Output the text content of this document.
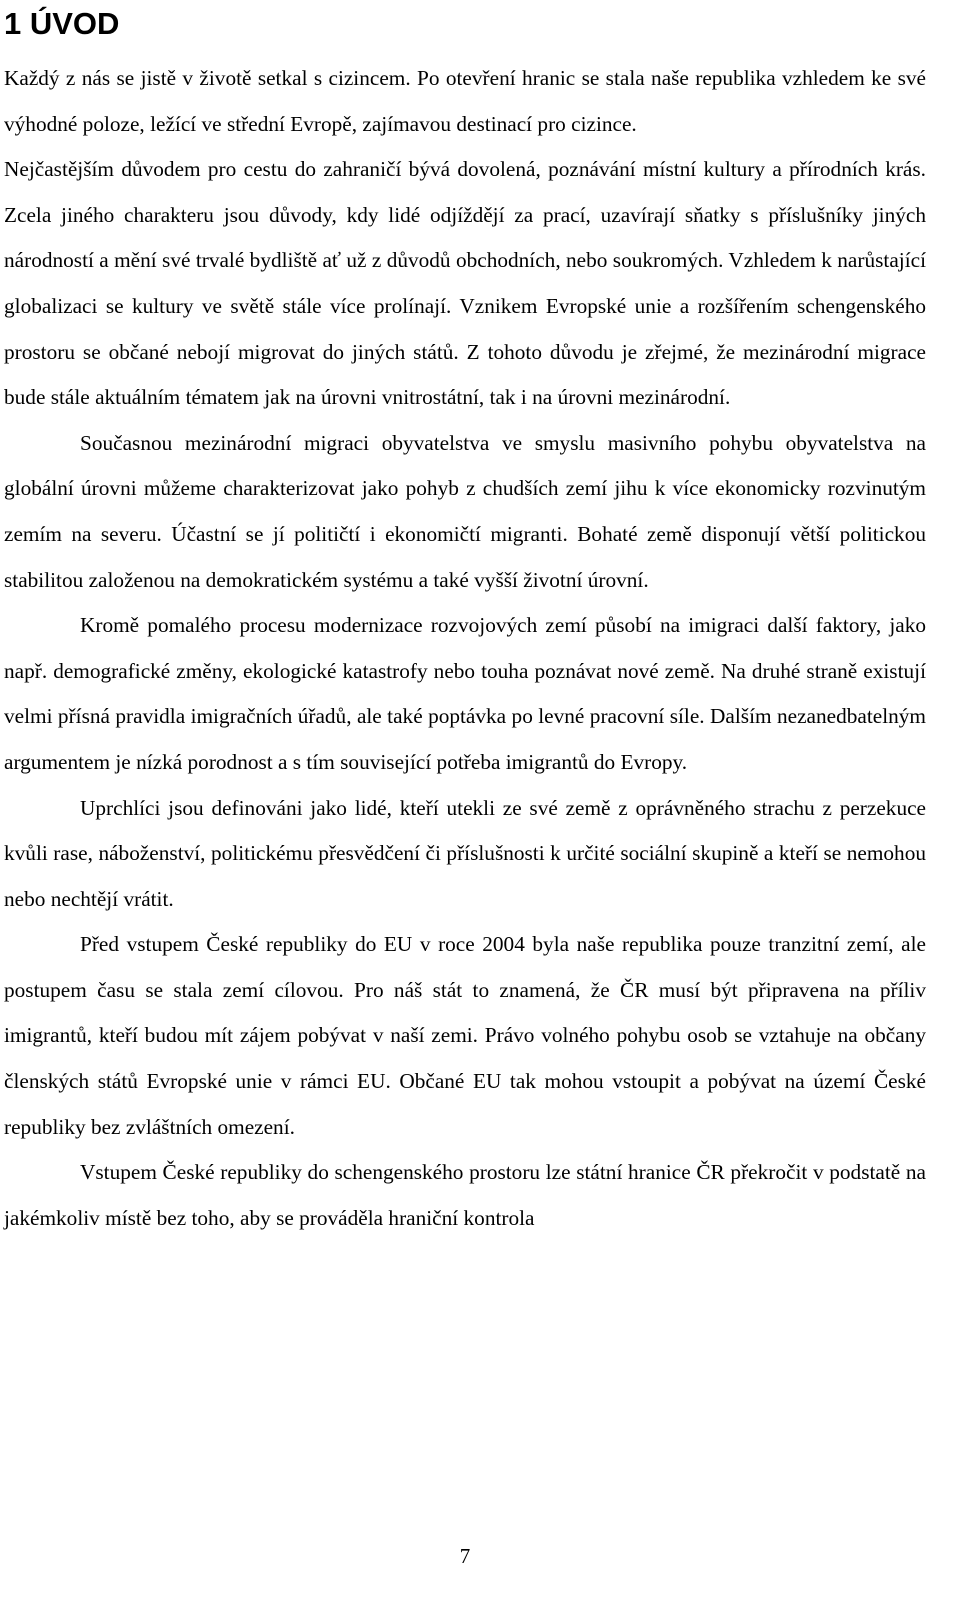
1 ÚVOD

Každý z nás se jistě v životě setkal s cizincem. Po otevření hranic se stala naše republika vzhledem ke své výhodné poloze, ležící ve střední Evropě, zajímavou destinací pro cizince.

Nejčastějším důvodem pro cestu do zahraničí bývá dovolená, poznávání místní kultury a přírodních krás. Zcela jiného charakteru jsou důvody, kdy lidé odjíždějí za prací, uzavírají sňatky s příslušníky jiných národností a mění své trvalé bydliště ať už z důvodů obchodních, nebo soukromých. Vzhledem k narůstající globalizaci se kultury ve světě stále více prolínají. Vznikem Evropské unie a rozšířením schengenského prostoru se občané nebojí migrovat do jiných států. Z tohoto důvodu je zřejmé, že mezinárodní migrace bude stále aktuálním tématem jak na úrovni vnitrostátní, tak i na úrovni mezinárodní.

Současnou mezinárodní migraci obyvatelstva ve smyslu masivního pohybu obyvatelstva na globální úrovni můžeme charakterizovat jako pohyb z chudších zemí jihu k více ekonomicky rozvinutým zemím na severu. Účastní se jí političtí i ekonomičtí migranti. Bohaté země disponují větší politickou stabilitou založenou na demokratickém systému a také vyšší životní úrovní.

Kromě pomalého procesu modernizace rozvojových zemí působí na imigraci další faktory, jako např. demografické změny, ekologické katastrofy nebo touha poznávat nové země. Na druhé straně existují velmi přísná pravidla imigračních úřadů, ale také poptávka po levné pracovní síle. Dalším nezanedbatelným argumentem je nízká porodnost a s tím související potřeba imigrantů do Evropy.

Uprchlíci jsou definováni jako lidé, kteří utekli ze své země z oprávněného strachu z perzekuce kvůli rase, náboženství, politickému přesvědčení či příslušnosti k určité sociální skupině a kteří se nemohou nebo nechtějí vrátit.

Před vstupem České republiky do EU v roce 2004 byla naše republika pouze tranzitní zemí, ale postupem času se stala zemí cílovou. Pro náš stát to znamená, že ČR musí být připravena na příliv imigrantů, kteří budou mít zájem pobývat v naší zemi. Právo volného pohybu osob se vztahuje na občany členských států Evropské unie v rámci EU. Občané EU tak mohou vstoupit a pobývat na území České republiky bez zvláštních omezení.

Vstupem České republiky do schengenského prostoru lze státní hranice ČR překročit v podstatě na jakémkoliv místě bez toho, aby se prováděla hraniční kontrola

7
